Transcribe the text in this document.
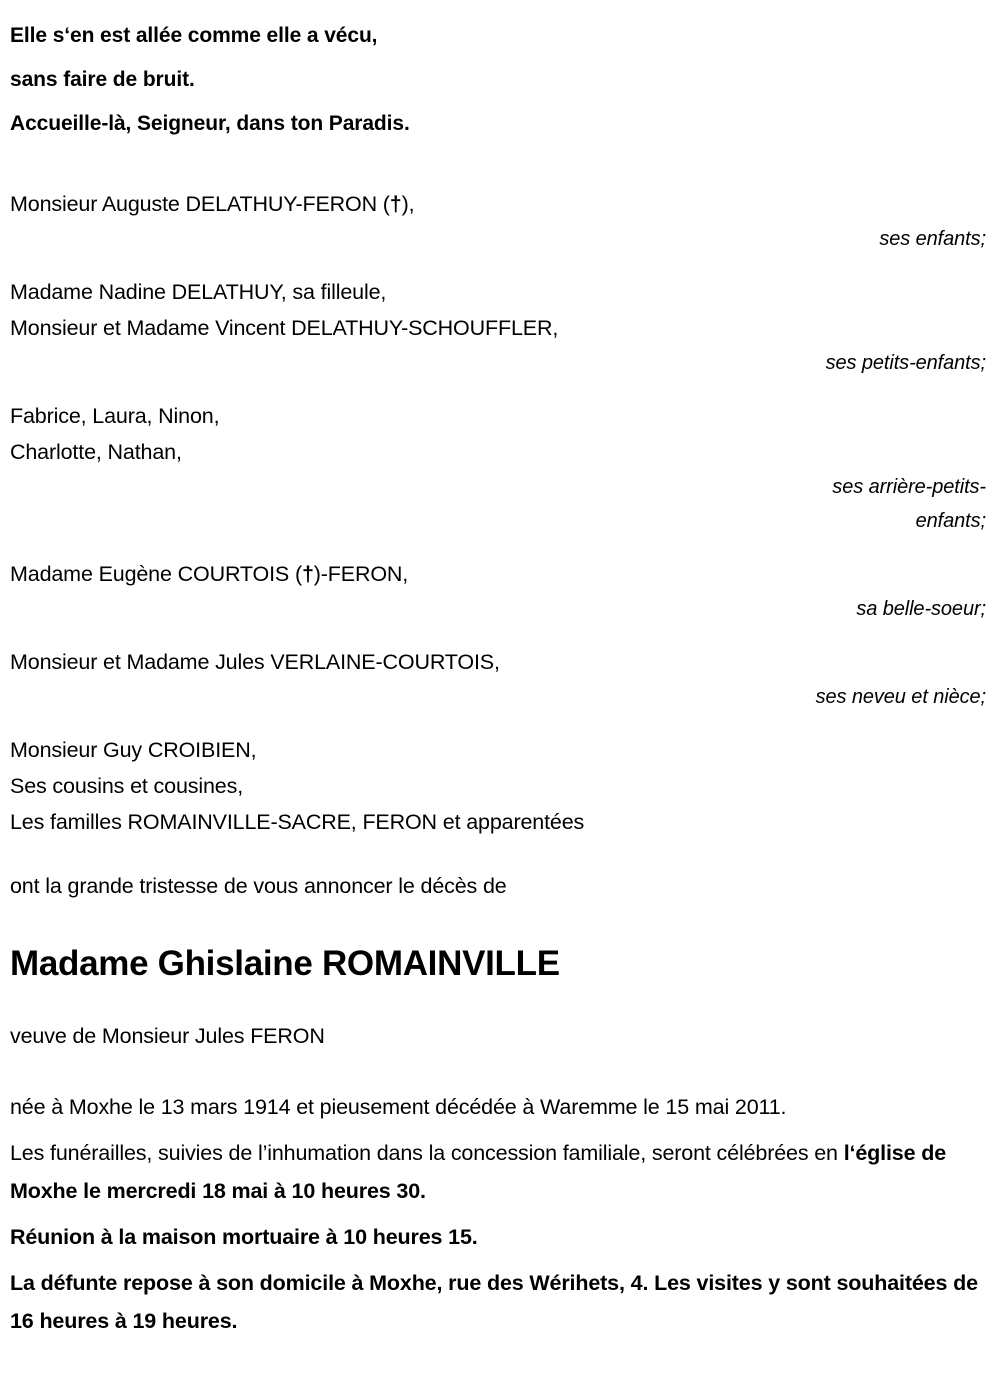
Elle s‘en est allée comme elle a vécu,
sans faire de bruit.
Accueille-là, Seigneur, dans ton Paradis.
Monsieur Auguste DELATHUY-FERON (†),
ses enfants;
Madame Nadine DELATHUY, sa filleule,
Monsieur et Madame Vincent DELATHUY-SCHOUFFLER,
ses petits-enfants;
Fabrice, Laura, Ninon,
Charlotte, Nathan,
ses arrière-petits-
enfants;
Madame Eugène COURTOIS (†)-FERON,
sa belle-soeur;
Monsieur et Madame Jules VERLAINE-COURTOIS,
ses neveu et nièce;
Monsieur Guy CROIBIEN,
Ses cousins et cousines,
Les familles ROMAINVILLE-SACRE, FERON et apparentées
ont la grande tristesse de vous annoncer le décès de
Madame Ghislaine ROMAINVILLE
veuve de Monsieur Jules FERON
née à Moxhe le 13 mars 1914 et pieusement décédée à Waremme le 15 mai 2011.
Les funérailles, suivies de l’inhumation dans la concession familiale, seront célébrées en l‘église de Moxhe le mercredi 18 mai à 10 heures 30.
Réunion à la maison mortuaire à 10 heures 15.
La défunte repose à son domicile à Moxhe, rue des Wérihets, 4. Les visites y sont souhaitées de 16 heures à 19 heures.
